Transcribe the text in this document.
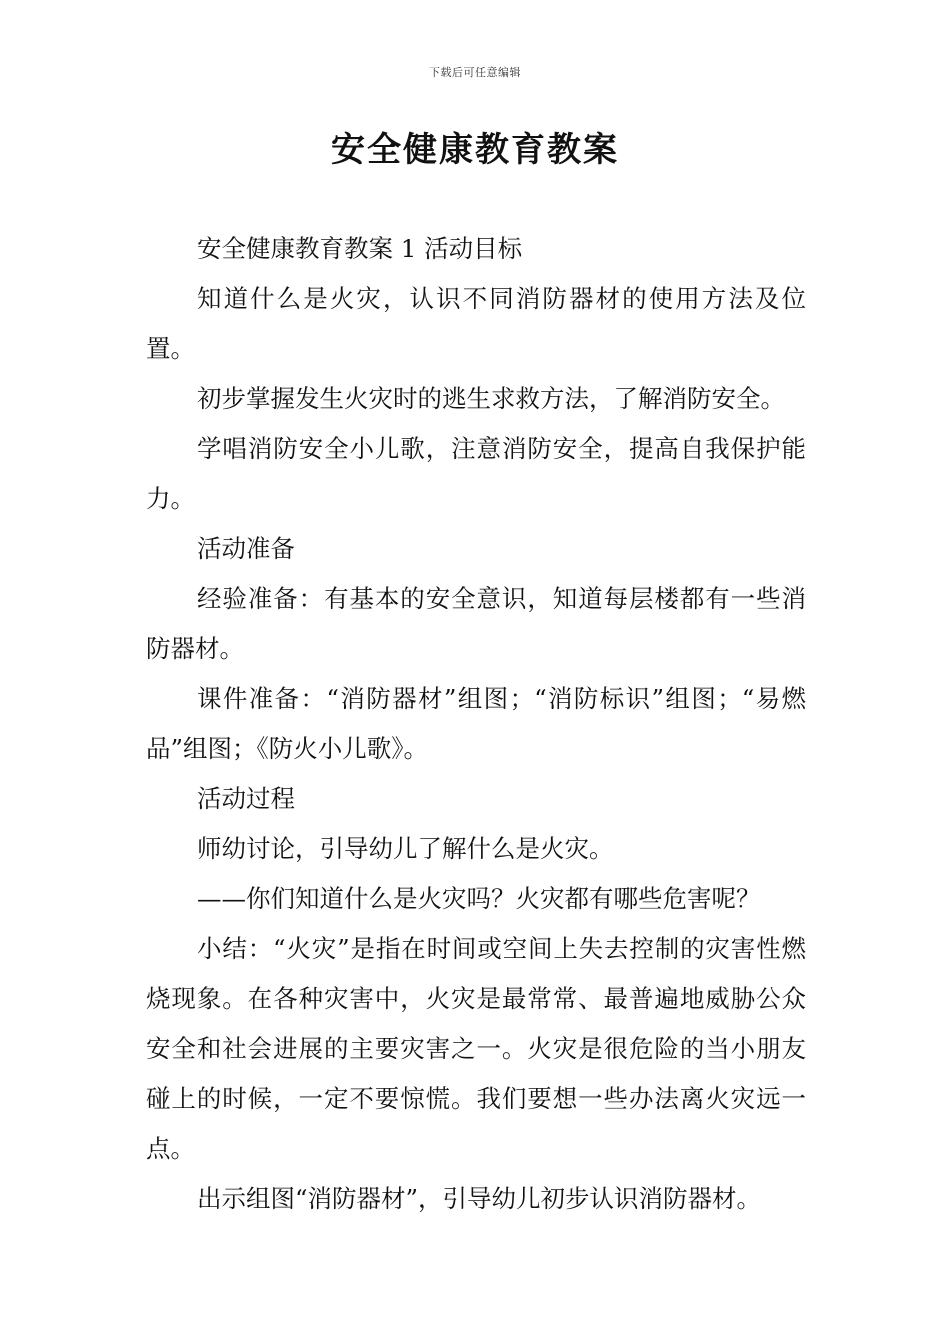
下载后可任意编辑
安全健康教育教案

安全健康教育教案 1 活动目标

知道什么是火灾，认识不同消防器材的使用方法及位置。

初步掌握发生火灾时的逃生求救方法，了解消防安全。

学唱消防安全小儿歌，注意消防安全，提高自我保护能力。

活动准备

经验准备：有基本的安全意识，知道每层楼都有一些消防器材。

课件准备：“消防器材”组图；“消防标识”组图；“易燃品”组图；《防火小儿歌》。

活动过程

师幼讨论，引导幼儿了解什么是火灾。

——你们知道什么是火灾吗？火灾都有哪些危害呢？

小结：“火灾”是指在时间或空间上失去控制的灾害性燃烧现象。在各种灾害中，火灾是最常常、最普遍地威胁公众安全和社会进展的主要灾害之一。火灾是很危险的当小朋友碰上的时候，一定不要惊慌。我们要想一些办法离火灾远一点。

出示组图“消防器材”，引导幼儿初步认识消防器材。
